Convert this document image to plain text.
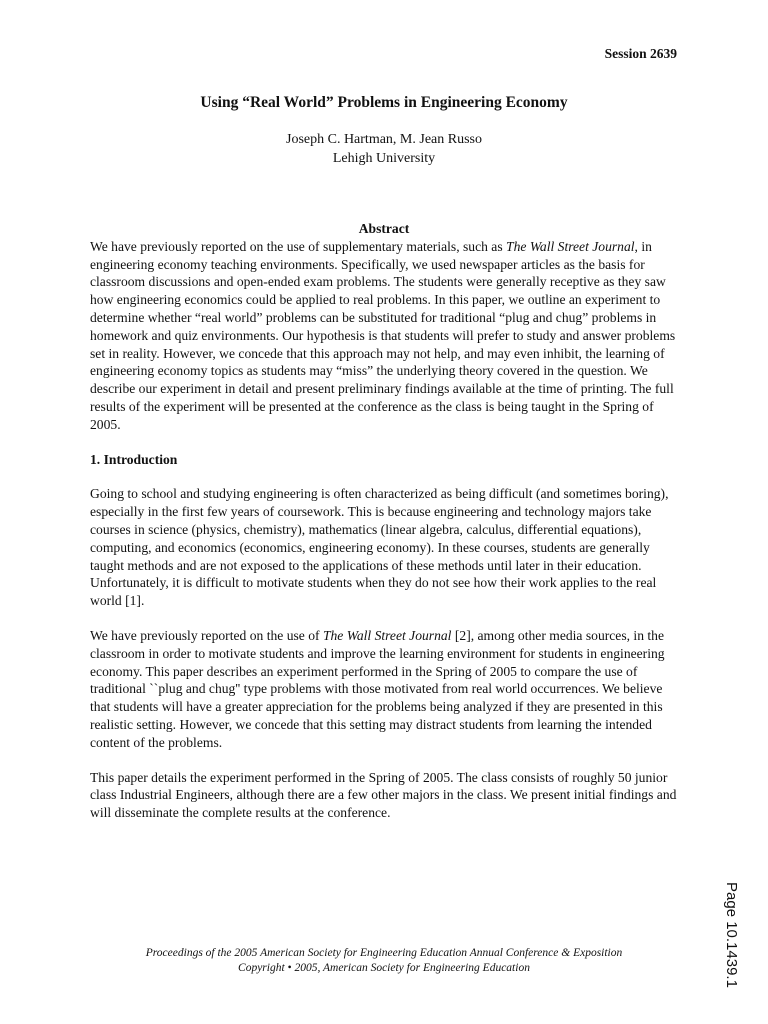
Session 2639
Using “Real World” Problems in Engineering Economy
Joseph C. Hartman, M. Jean Russo
Lehigh University
Abstract

We have previously reported on the use of supplementary materials, such as The Wall Street Journal, in engineering economy teaching environments. Specifically, we used newspaper articles as the basis for classroom discussions and open-ended exam problems. The students were generally receptive as they saw how engineering economics could be applied to real problems. In this paper, we outline an experiment to determine whether “real world” problems can be substituted for traditional “plug and chug” problems in homework and quiz environments. Our hypothesis is that students will prefer to study and answer problems set in reality. However, we concede that this approach may not help, and may even inhibit, the learning of engineering economy topics as students may “miss” the underlying theory covered in the question. We describe our experiment in detail and present preliminary findings available at the time of printing. The full results of the experiment will be presented at the conference as the class is being taught in the Spring of 2005.

1. Introduction

Going to school and studying engineering is often characterized as being difficult (and sometimes boring), especially in the first few years of coursework. This is because engineering and technology majors take courses in science (physics, chemistry), mathematics (linear algebra, calculus, differential equations), computing, and economics (economics, engineering economy). In these courses, students are generally taught methods and are not exposed to the applications of these methods until later in their education. Unfortunately, it is difficult to motivate students when they do not see how their work applies to the real world [1].

We have previously reported on the use of The Wall Street Journal [2], among other media sources, in the classroom in order to motivate students and improve the learning environment for students in engineering economy. This paper describes an experiment performed in the Spring of 2005 to compare the use of traditional ``plug and chug'' type problems with those motivated from real world occurrences. We believe that students will have a greater appreciation for the problems being analyzed if they are presented in this realistic setting. However, we concede that this setting may distract students from learning the intended content of the problems.

This paper details the experiment performed in the Spring of 2005. The class consists of roughly 50 junior class Industrial Engineers, although there are a few other majors in the class. We present initial findings and will disseminate the complete results at the conference.

Proceedings of the 2005 American Society for Engineering Education Annual Conference & Exposition
Copyright • 2005, American Society for Engineering Education	Page 10.1439.1
